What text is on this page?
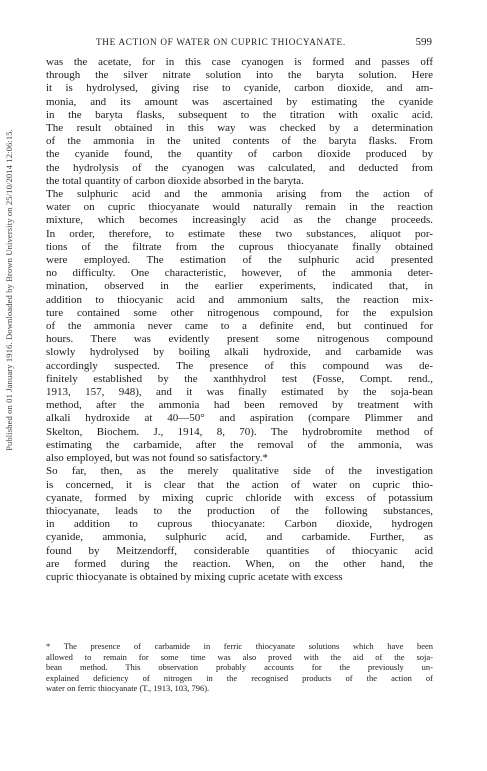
Published on 01 January 1916. Downloaded by Brown University on 25/10/2014 12:06:15.
THE ACTION OF WATER ON CUPRIC THIOCYANATE.	599

was the acetate, for in this case cyanogen is formed and passes off

through the silver nitrate solution into the baryta solution. Here

it is hydrolysed, giving rise to cyanide, carbon dioxide, and am-

monia, and its amount was ascertained by estimating the cyanide

in the baryta flasks, subsequent to the titration with oxalic acid.

The result obtained in this way was checked by a determination

of the ammonia in the united contents of the baryta flasks. From

the cyanide found, the quantity of carbon dioxide produced by

the hydrolysis of the cyanogen was calculated, and deducted from

the total quantity of carbon dioxide absorbed in the baryta.

The sulphuric acid and the ammonia arising from the action of

water on cupric thiocyanate would naturally remain in the reaction

mixture, which becomes increasingly acid as the change proceeds.

In order, therefore, to estimate these two substances, aliquot por-

tions of the filtrate from the cuprous thiocyanate finally obtained

were employed. The estimation of the sulphuric acid presented

no difficulty. One characteristic, however, of the ammonia deter-

mination, observed in the earlier experiments, indicated that, in

addition to thiocyanic acid and ammonium salts, the reaction mix-

ture contained some other nitrogenous compound, for the expulsion

of the ammonia never came to a definite end, but continued for

hours. There was evidently present some nitrogenous compound

slowly hydrolysed by boiling alkali hydroxide, and carbamide was

accordingly suspected. The presence of this compound was de-

finitely established by the xanthhydrol test (Fosse, Compt. rend.,

1913, 157, 948), and it was finally estimated by the soja-bean

method, after the ammonia had been removed by treatment with

alkali hydroxide at 40—50° and aspiration (compare Plimmer and

Skelton, Biochem. J., 1914, 8, 70). The hydrobromite method of

estimating the carbamide, after the removal of the ammonia, was

also employed, but was not found so satisfactory.*

So far, then, as the merely qualitative side of the investigation

is concerned, it is clear that the action of water on cupric thio-

cyanate, formed by mixing cupric chloride with excess of potassium

thiocyanate, leads to the production of the following substances,

in addition to cuprous thiocyanate: Carbon dioxide, hydrogen

cyanide, ammonia, sulphuric acid, and carbamide. Further, as

found by Meitzendorff, considerable quantities of thiocyanic acid

are formed during the reaction. When, on the other hand, the

cupric thiocyanate is obtained by mixing cupric acetate with excess

* The presence of carbamide in ferric thiocyanate solutions which have been

allowed to remain for some time was also proved with the aid of the soja-

bean method. This observation probably accounts for the previously un-

explained deficiency of nitrogen in the recognised products of the action of

water on ferric thiocyanate (T., 1913, 103, 796).
